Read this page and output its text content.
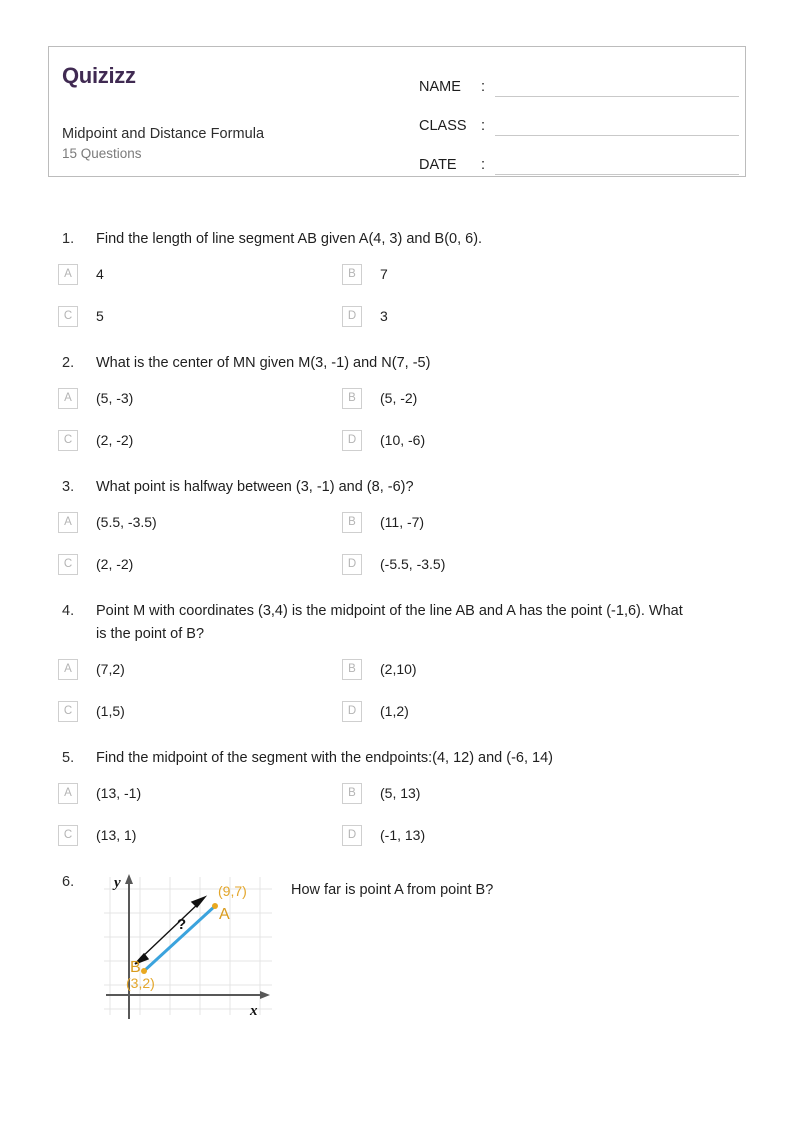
Quizizz
Midpoint and Distance Formula
15 Questions
NAME	:
CLASS :
DATE	:
1.	Find the length of line segment AB given A(4, 3) and B(0, 6).
A	4	B	7
C	5	D	3
2.	What is the center of MN given M(3, -1) and N(7, -5)
A	(5, -3)	B	(5, -2)
C	(2, -2)	D	(10, -6)
3.	What point is halfway between (3, -1) and (8, -6)?
A	(5.5, -3.5)	B	(11, -7)
C	(2, -2)	D	(-5.5, -3.5)
4.	Point M with coordinates (3,4) is the midpoint of the line AB and A has the point (-1,6). What is the point of B?
A	(7,2)	B	(2,10)
C	(1,5)	D	(1,2)
5.	Find the midpoint of the segment with the endpoints:(4, 12) and (-6, 14)
A	(13, -1)	B	(5, 13)
C	(13, 1)	D	(-1, 13)
6.
?
(9,7)
A
B
(3,2)
y
x
How far is point A from point B?
